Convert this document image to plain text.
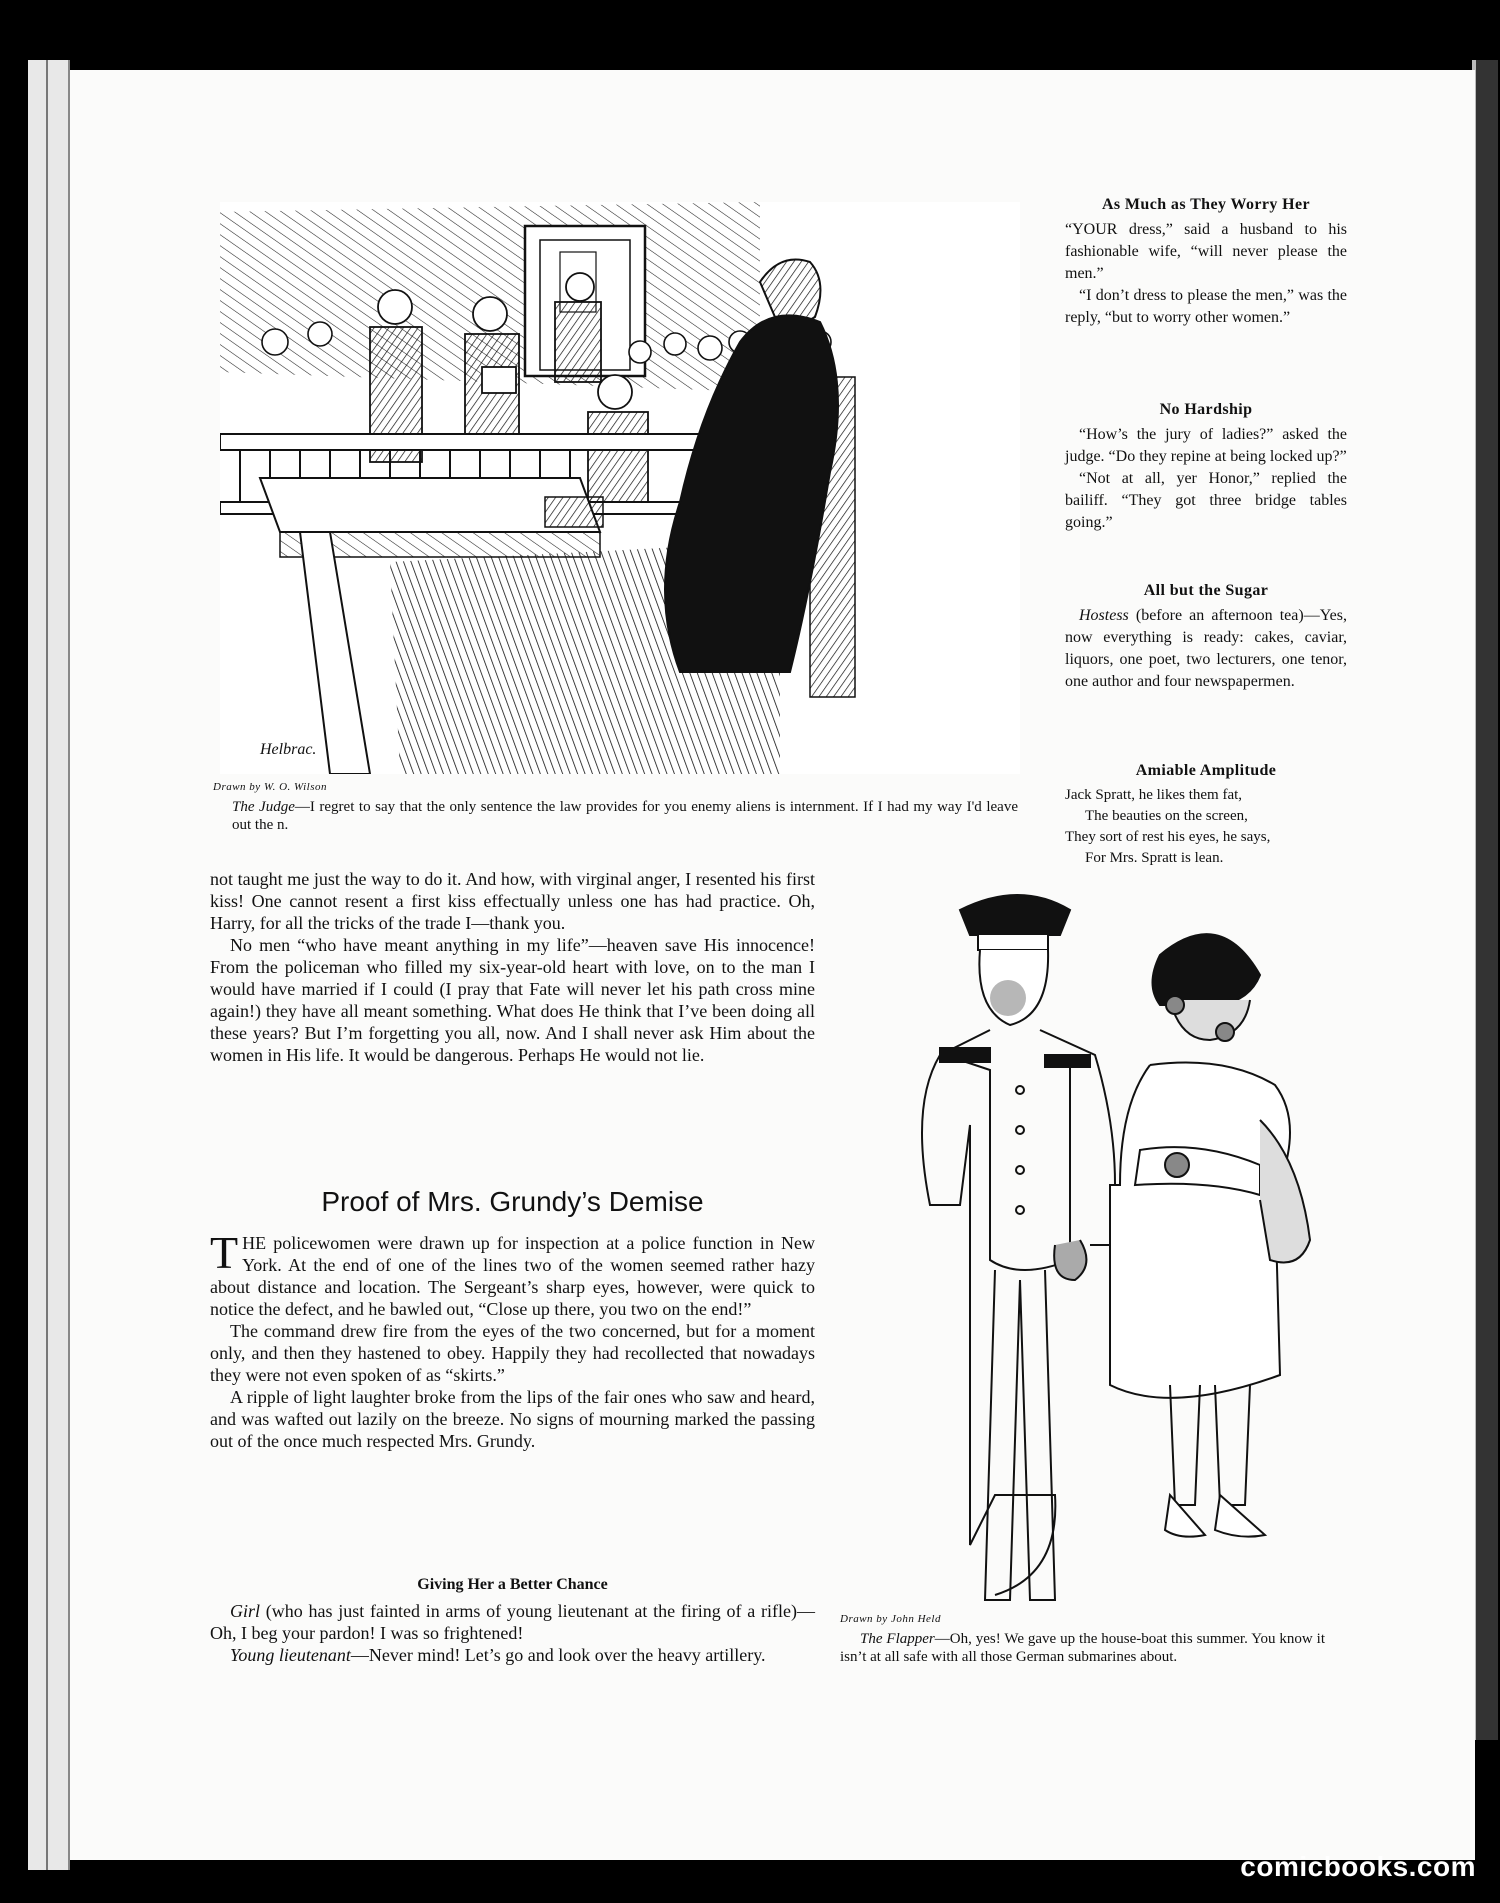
Helbrac.
Drawn by W. O. Wilson
The Judge—I regret to say that the only sentence the law provides for you enemy aliens is internment. If I had my way I'd leave out the n.
As Much as They Worry Her

“YOUR dress,” said a husband to his fashionable wife, “will never please the men.”

“I don’t dress to please the men,” was the reply, “but to worry other women.”

No Hardship

“How’s the jury of ladies?” asked the judge. “Do they repine at being locked up?”

“Not at all, yer Honor,” replied the bailiff. “They got three bridge tables going.”

All but the Sugar

Hostess (before an afternoon tea)—Yes, now everything is ready: cakes, caviar, liquors, one poet, two lecturers, one tenor, one author and four newspapermen.

Amiable Amplitude
Jack Spratt, he likes them fat,
The beauties on the screen,
They sort of rest his eyes, he says,
For Mrs. Spratt is lean.

not taught me just the way to do it. And how, with virginal anger, I resented his first kiss! One cannot resent a first kiss effectually unless one has had practice. Oh, Harry, for all the tricks of the trade I—thank you.

No men “who have meant anything in my life”—heaven save His innocence! From the policeman who filled my six-year-old heart with love, on to the man I would have married if I could (I pray that Fate will never let his path cross mine again!) they have all meant something. What does He think that I’ve been doing all these years? But I’m forgetting you all, now. And I shall never ask Him about the women in His life. It would be dangerous. Perhaps He would not lie.

Proof of Mrs. Grundy’s Demise

THE policewomen were drawn up for inspection at a police function in New York. At the end of one of the lines two of the women seemed rather hazy about distance and location. The Sergeant’s sharp eyes, however, were quick to notice the defect, and he bawled out, “Close up there, you two on the end!”

The command drew fire from the eyes of the two concerned, but for a moment only, and then they hastened to obey. Happily they had recollected that nowadays they were not even spoken of as “skirts.”

A ripple of light laughter broke from the lips of the fair ones who saw and heard, and was wafted out lazily on the breeze. No signs of mourning marked the passing out of the once much respected Mrs. Grundy.

Giving Her a Better Chance

Girl (who has just fainted in arms of young lieutenant at the firing of a rifle)—Oh, I beg your pardon! I was so frightened!

Young lieutenant—Never mind! Let’s go and look over the heavy artillery.

Drawn by John Held
The Flapper—Oh, yes! We gave up the house-boat this summer. You know it isn’t at all safe with all those German submarines about.
comicbooks.com
